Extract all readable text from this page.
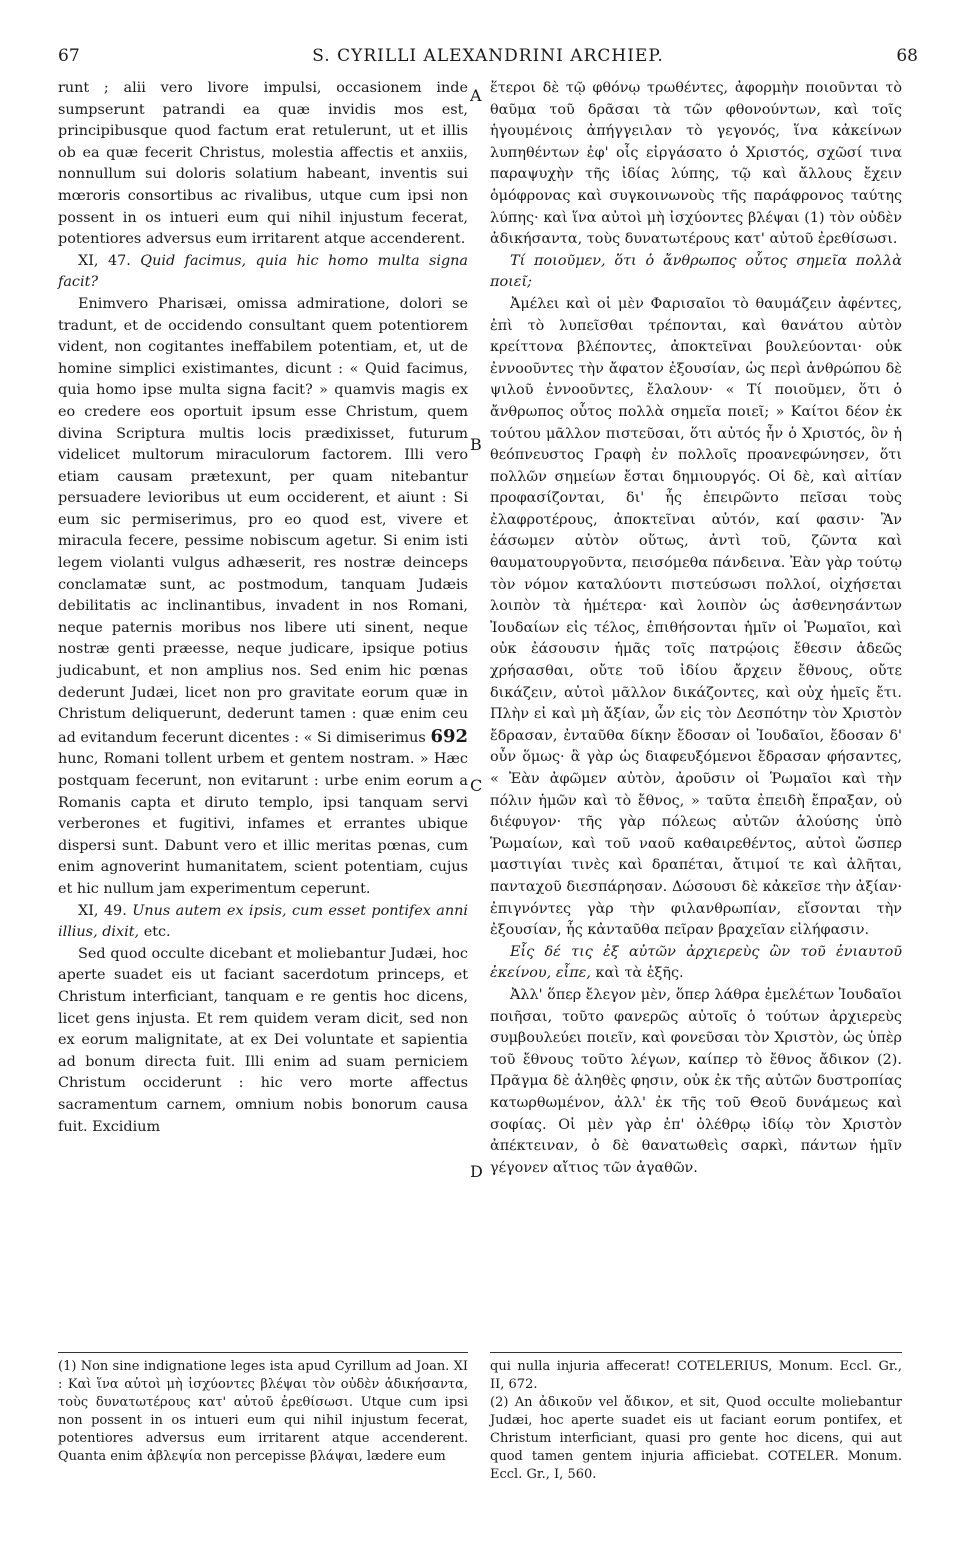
67	S. CYRILLI ALEXANDRINI ARCHIEP.	68
A
B
C
D

runt ; alii vero livore impulsi, occasionem inde sumpserunt patrandi ea quæ invidis mos est, principibusque quod factum erat retulerunt, ut et illis ob ea quæ fecerit Christus, molestia affectis et anxiis, nonnullum sui doloris solatium habeant, inventis sui mœroris consortibus ac rivalibus, utque cum ipsi non possent in os intueri eum qui nihil injustum fecerat, potentiores adversus eum irritarent atque accenderent.

XI, 47. Quid facimus, quia hic homo multa signa facit?

Enimvero Pharisæi, omissa admiratione, dolori se tradunt, et de occidendo consultant quem potentiorem vident, non cogitantes ineffabilem potentiam, et, ut de homine simplici existimantes, dicunt : « Quid facimus, quia homo ipse multa signa facit? » quamvis magis ex eo credere eos oportuit ipsum esse Christum, quem divina Scriptura multis locis prædixisset, futurum videlicet multorum miraculorum factorem. Illi vero etiam causam prætexunt, per quam nitebantur persuadere levioribus ut eum occiderent, et aiunt : Si eum sic permiserimus, pro eo quod est, vivere et miracula fecere, pessime nobiscum agetur. Si enim isti legem violanti vulgus adhæserit, res nostræ deinceps conclamatæ sunt, ac postmodum, tanquam Judæis debilitatis ac inclinantibus, invadent in nos Romani, neque paternis moribus nos libere uti sinent, neque nostræ genti præesse, neque judicare, ipsique potius judicabunt, et non amplius nos. Sed enim hic pœnas dederunt Judæi, licet non pro gravitate eorum quæ in Christum deliquerunt, dederunt tamen : quæ enim ceu ad evitandum fecerunt dicentes : « Si dimiserimus 692 hunc, Romani tollent urbem et gentem nostram. » Hæc postquam fecerunt, non evitarunt : urbe enim eorum a Romanis capta et diruto templo, ipsi tanquam servi verberones et fugitivi, infames et errantes ubique dispersi sunt. Dabunt vero et illic meritas pœnas, cum enim agnoverint humanitatem, scient potentiam, cujus et hic nullum jam experimentum ceperunt.

XI, 49. Unus autem ex ipsis, cum esset pontifex anni illius, dixit, etc.

Sed quod occulte dicebant et moliebantur Judæi, hoc aperte suadet eis ut faciant sacerdotum princeps, et Christum interficiant, tanquam e re gentis hoc dicens, licet gens injusta. Et rem quidem veram dicit, sed non ex eorum malignitate, at ex Dei voluntate et sapientia ad bonum directa fuit. Illi enim ad suam perniciem Christum occiderunt : hic vero morte affectus sacramentum carnem, omnium nobis bonorum causa fuit. Excidium

ἕτεροι δὲ τῷ φθόνῳ τρωθέντες, ἀφορμὴν ποιοῦνται τὸ θαῦμα τοῦ δρᾶσαι τὰ τῶν φθονούντων, καὶ τοῖς ἡγουμένοις ἀπήγγειλαν τὸ γεγονός, ἵνα κἀκείνων λυπηθέντων ἐφ' οἷς εἰργάσατο ὁ Χριστός, σχῶσί τινα παραψυχὴν τῆς ἰδίας λύπης, τῷ καὶ ἄλλους ἔχειν ὁμόφρονας καὶ συγκοινωνοὺς τῆς παράφρονος ταύτης λύπης· καὶ ἵνα αὐτοὶ μὴ ἰσχύοντες βλέψαι (1) τὸν οὐδὲν ἀδικήσαντα, τοὺς δυνατωτέρους κατ' αὐτοῦ ἐρεθίσωσι.

Τί ποιοῦμεν, ὅτι ὁ ἄνθρωπος οὗτος σημεῖα πολλὰ ποιεῖ;

Ἀμέλει καὶ οἱ μὲν Φαρισαῖοι τὸ θαυμάζειν ἀφέντες, ἐπὶ τὸ λυπεῖσθαι τρέπονται, καὶ θανάτου αὐτὸν κρείττονα βλέποντες, ἀποκτεῖναι βουλεύονται· οὐκ ἐννοοῦντες τὴν ἄφατον ἐξουσίαν, ὡς περὶ ἀνθρώπου δὲ ψιλοῦ ἐννοοῦντες, ἔλαλουν· « Τί ποιοῦμεν, ὅτι ὁ ἄνθρωπος οὗτος πολλὰ σημεῖα ποιεῖ; » Καίτοι δέον ἐκ τούτου μᾶλλον πιστεῦσαι, ὅτι αὐτός ἦν ὁ Χριστός, ὃν ἡ θεόπνευστος Γραφὴ ἐν πολλοῖς προανεφώνησεν, ὅτι πολλῶν σημείων ἔσται δημιουργός. Οἱ δὲ, καὶ αἰτίαν προφασίζονται, δι' ἧς ἐπειρῶντο πεῖσαι τοὺς ἐλαφροτέρους, ἀποκτεῖναι αὐτόν, καί φασιν· Ἂν ἐάσωμεν αὐτὸν οὕτως, ἀντὶ τοῦ, ζῶντα καὶ θαυματουργοῦντα, πεισόμεθα πάνδεινα. Ἐὰν γὰρ τούτῳ τὸν νόμον καταλύοντι πιστεύσωσι πολλοί, οἰχήσεται λοιπὸν τὰ ἡμέτερα· καὶ λοιπὸν ὡς ἀσθενησάντων Ἰουδαίων εἰς τέλος, ἐπιθήσονται ἡμῖν οἱ Ῥωμαῖοι, καὶ οὐκ ἐάσουσιν ἡμᾶς τοῖς πατρῴοις ἔθεσιν ἀδεῶς χρήσασθαι, οὔτε τοῦ ἰδίου ἄρχειν ἔθνους, οὔτε δικάζειν, αὐτοὶ μᾶλλον δικάζοντες, καὶ οὐχ ἡμεῖς ἔτι. Πλὴν εἰ καὶ μὴ ἄξίαν, ὧν εἰς τὸν Δεσπότην τὸν Χριστὸν ἔδρασαν, ἐνταῦθα δίκην ἔδοσαν οἱ Ἰουδαῖοι, ἔδοσαν δ' οὖν ὅμως· ἃ γὰρ ὡς διαφευξόμενοι ἔδρασαν φήσαντες, « Ἐὰν ἀφῶμεν αὐτὸν, ἀροῦσιν οἱ Ῥωμαῖοι καὶ τὴν πόλιν ἡμῶν καὶ τὸ ἔθνος, » ταῦτα ἐπειδὴ ἔπραξαν, οὐ διέφυγον· τῆς γὰρ πόλεως αὐτῶν ἁλούσης ὑπὸ Ῥωμαίων, καὶ τοῦ ναοῦ καθαιρεθέντος, αὐτοὶ ὥσπερ μαστιγίαι τινὲς καὶ δραπέται, ἄτιμοί τε καὶ ἀλῆται, πανταχοῦ διεσπάρησαν. Δώσουσι δὲ κἀκεῖσε τὴν ἀξίαν· ἐπιγνόντες γὰρ τὴν φιλανθρωπίαν, εἴσονται τὴν ἐξουσίαν, ἧς κἀνταῦθα πεῖραν βραχεῖαν εἰλήφασιν.

Εἷς δέ τις ἐξ αὐτῶν ἀρχιερεὺς ὢν τοῦ ἐνιαυτοῦ ἐκείνου, εἶπε, καὶ τὰ ἑξῆς.

Ἀλλ' ὅπερ ἔλεγον μὲν, ὅπερ λάθρα ἐμελέτων Ἰουδαῖοι ποιῆσαι, τοῦτο φανερῶς αὐτοῖς ὁ τούτων ἀρχιερεὺς συμβουλεύει ποιεῖν, καὶ φονεῦσαι τὸν Χριστὸν, ὡς ὑπὲρ τοῦ ἔθνους τοῦτο λέγων, καίπερ τὸ ἔθνος ἄδικον (2). Πρᾶγμα δὲ ἀληθὲς φησιν, οὐκ ἐκ τῆς αὐτῶν δυστροπίας κατωρθωμένον, ἀλλ' ἐκ τῆς τοῦ Θεοῦ δυνάμεως καὶ σοφίας. Οἱ μὲν γὰρ ἐπ' ὀλέθρῳ ἰδίῳ τὸν Χριστὸν ἀπέκτειναν, ὁ δὲ θανατωθεὶς σαρκὶ, πάντων ἡμῖν γέγονεν αἴτιος τῶν ἀγαθῶν.

(1) Non sine indignatione leges ista apud Cyrillum ad Joan. XI : Καὶ ἵνα αὐτοὶ μὴ ἰσχύοντες βλέψαι τὸν οὐδὲν ἀδικήσαντα, τοὺς δυνατωτέρους κατ' αὐτοῦ ἐρεθίσωσι. Utque cum ipsi non possent in os intueri eum qui nihil injustum fecerat, potentiores adversus eum irritarent atque accenderent. Quanta enim ἀβλεψία non percepisse βλάψαι, lædere eum

qui nulla injuria affecerat! COTELERIUS, Monum. Eccl. Gr., II, 672.

(2) Αn ἀδικοῦν vel ἄδικον, et sit, Quod occulte moliebantur Judæi, hoc aperte suadet eis ut faciant eorum pontifex, et Christum interficiant, quasi pro gente hoc dicens, qui aut quod tamen gentem injuria afficiebat. COTELER. Monum. Eccl. Gr., I, 560.
